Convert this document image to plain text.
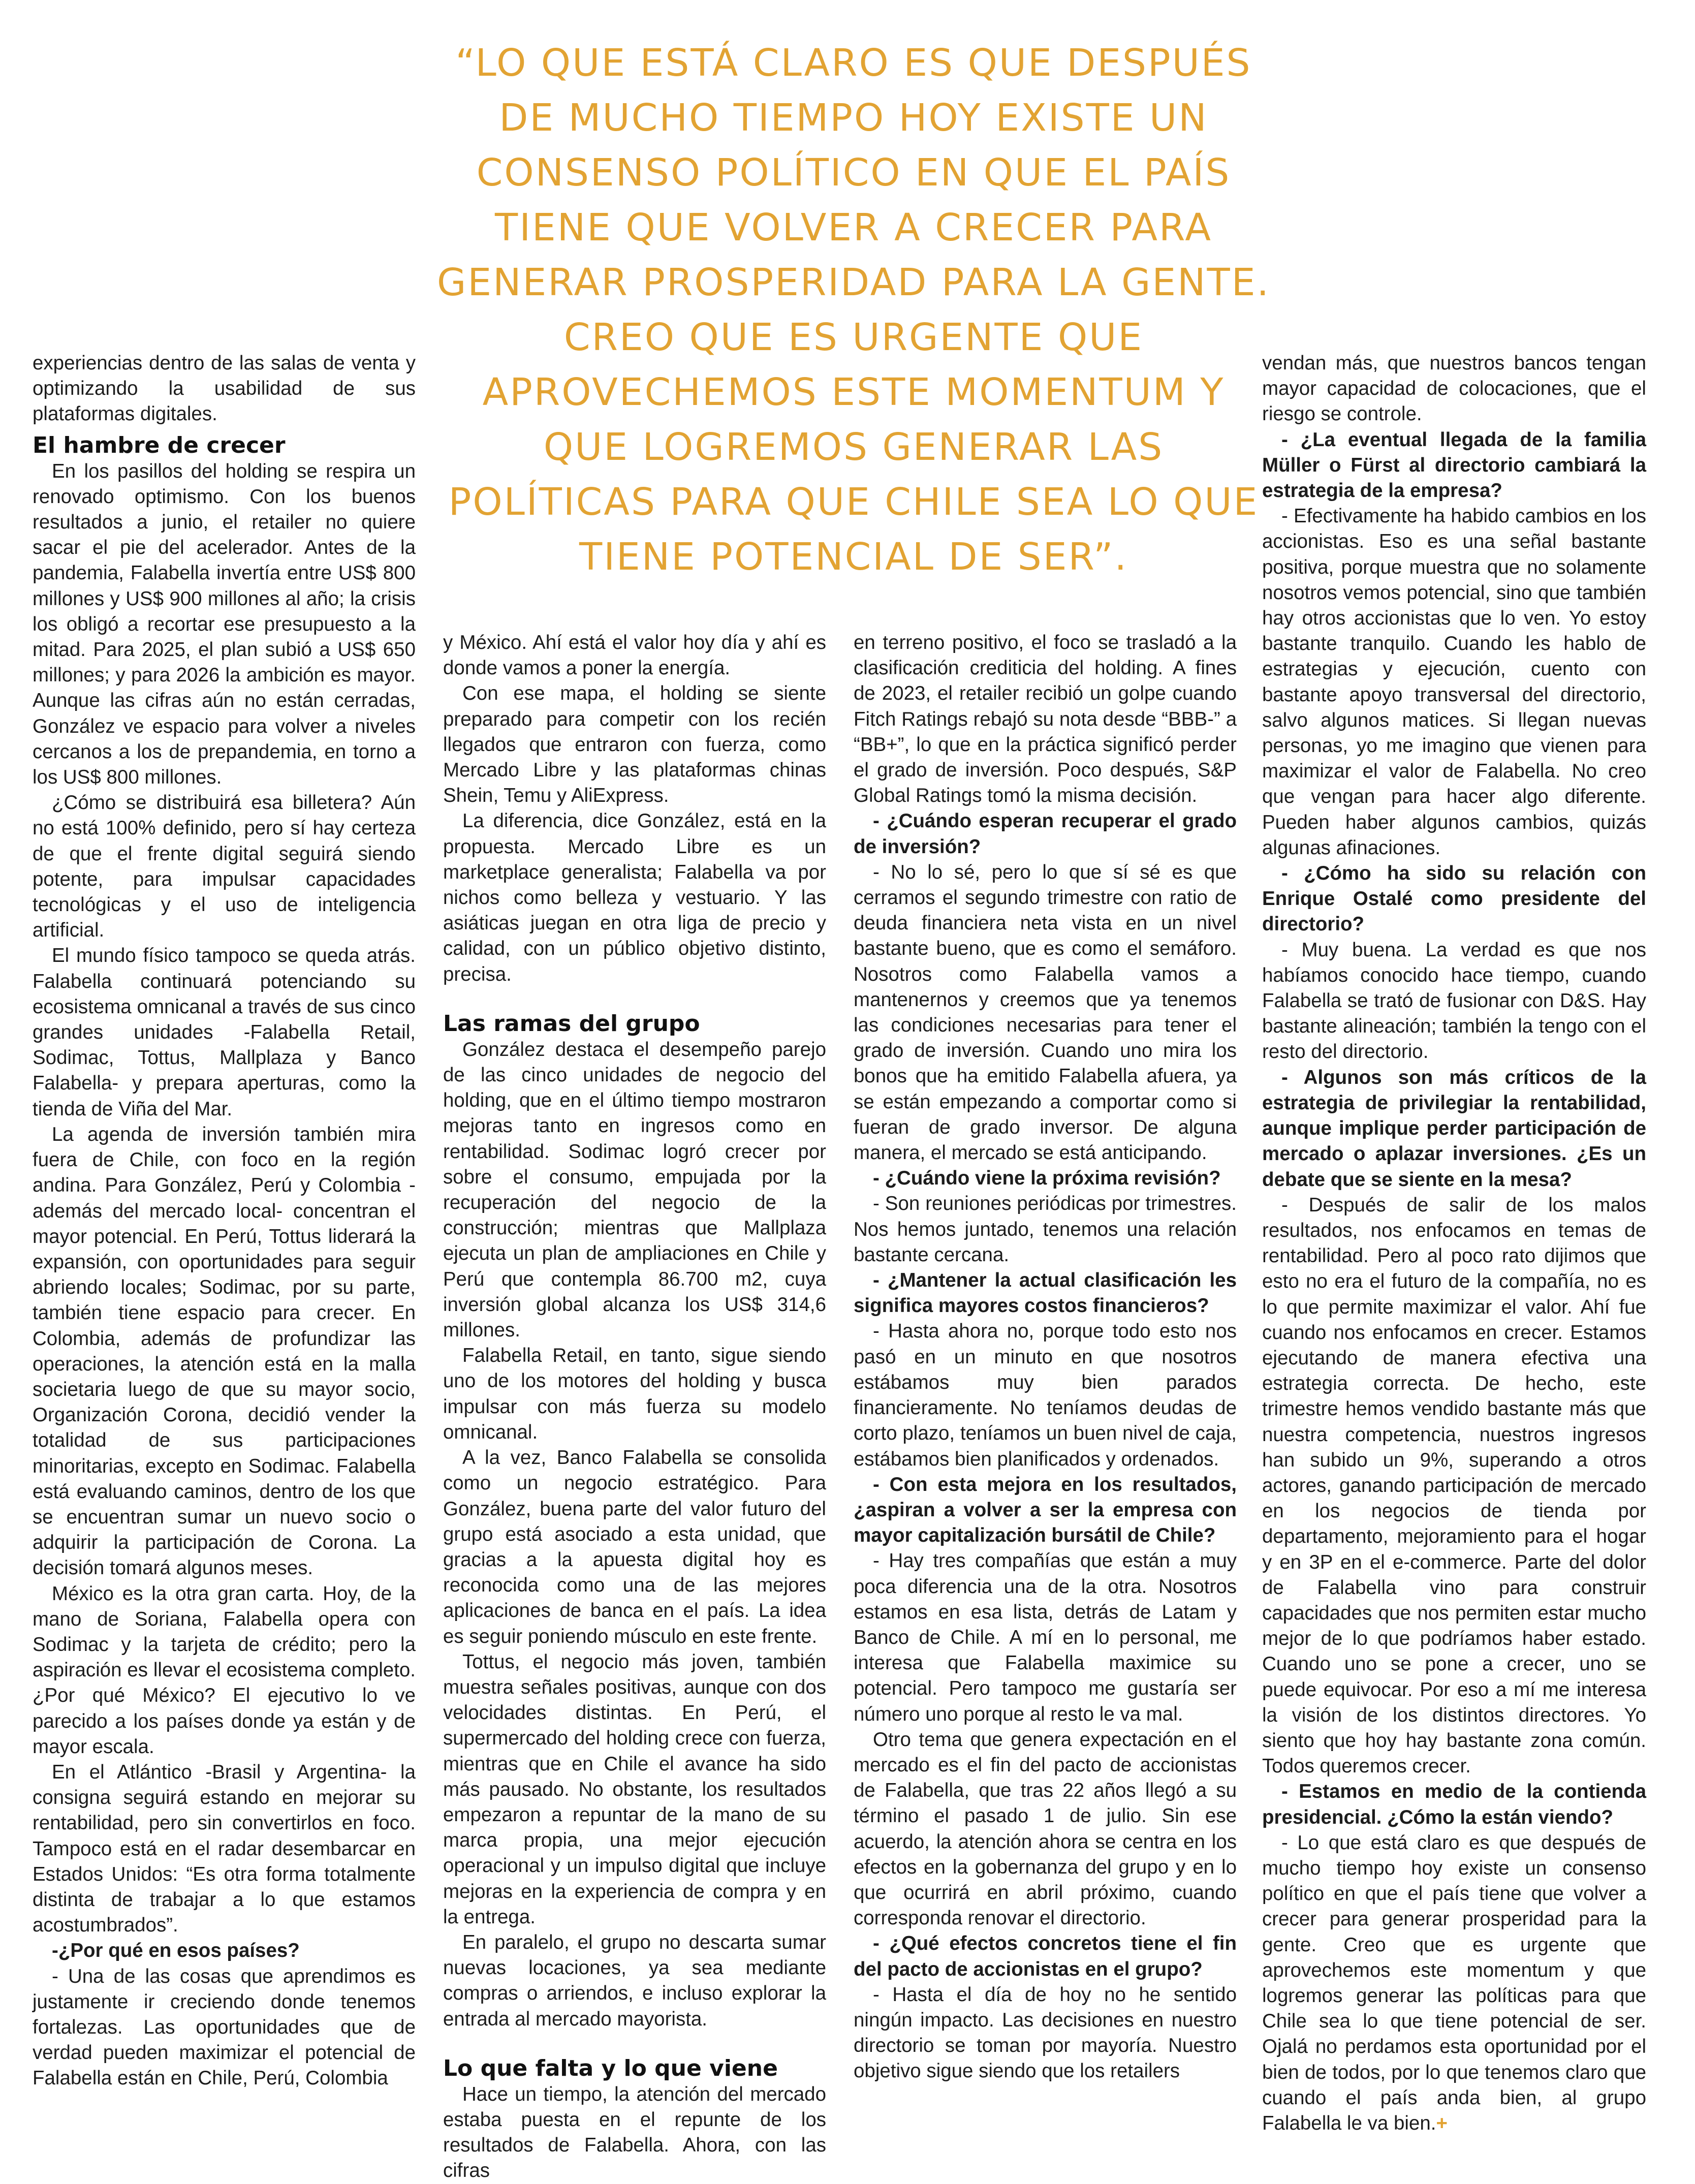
“LO QUE ESTÁ CLARO ES QUE DESPUÉS DE MUCHO TIEMPO HOY EXISTE UN CONSENSO POLÍTICO EN QUE EL PAÍS TIENE QUE VOLVER A CRECER PARA GENERAR PROSPERIDAD PARA LA GENTE. CREO QUE ES URGENTE QUE APROVECHEMOS ESTE MOMENTUM Y QUE LOGREMOS GENERAR LAS POLÍTICAS PARA QUE CHILE SEA LO QUE TIENE POTENCIAL DE SER”.

experiencias dentro de las salas de venta y optimizando la usabilidad de sus plataformas digitales.

El hambre de crecer

En los pasillos del holding se respira un renovado optimismo. Con los buenos resultados a junio, el retailer no quiere sacar el pie del acelerador. Antes de la pandemia, Falabella invertía entre US$ 800 millones y US$ 900 millones al año; la crisis los obligó a recortar ese presupuesto a la mitad. Para 2025, el plan subió a US$ 650 millones; y para 2026 la ambición es mayor. Aunque las cifras aún no están cerradas, González ve espacio para volver a niveles cercanos a los de prepandemia, en torno a los US$ 800 millones.

¿Cómo se distribuirá esa billetera? Aún no está 100% definido, pero sí hay certeza de que el frente digital seguirá siendo potente, para impulsar capacidades tecnológicas y el uso de inteligencia artificial.

El mundo físico tampoco se queda atrás. Falabella continuará potenciando su ecosistema omnicanal a través de sus cinco grandes unidades -Falabella Retail, Sodimac, Tottus, Mallplaza y Banco Falabella- y prepara aperturas, como la tienda de Viña del Mar.

La agenda de inversión también mira fuera de Chile, con foco en la región andina. Para González, Perú y Colombia -además del mercado local- concentran el mayor potencial. En Perú, Tottus liderará la expansión, con oportunidades para seguir abriendo locales; Sodimac, por su parte, también tiene espacio para crecer. En Colombia, además de profundizar las operaciones, la atención está en la malla societaria luego de que su mayor socio, Organización Corona, decidió vender la totalidad de sus participaciones minoritarias, excepto en Sodimac. Falabella está evaluando caminos, dentro de los que se encuentran sumar un nuevo socio o adquirir la participación de Corona. La decisión tomará algunos meses.

México es la otra gran carta. Hoy, de la mano de Soriana, Falabella opera con Sodimac y la tarjeta de crédito; pero la aspiración es llevar el ecosistema completo. ¿Por qué México? El ejecutivo lo ve parecido a los países donde ya están y de mayor escala.

En el Atlántico -Brasil y Argentina- la consigna seguirá estando en mejorar su rentabilidad, pero sin convertirlos en foco. Tampoco está en el radar desembarcar en Estados Unidos: “Es otra forma totalmente distinta de trabajar a lo que estamos acostumbrados”.

-¿Por qué en esos países?

- Una de las cosas que aprendimos es justamente ir creciendo donde tenemos fortalezas. Las oportunidades que de verdad pueden maximizar el potencial de Falabella están en Chile, Perú, Colombia

y México. Ahí está el valor hoy día y ahí es donde vamos a poner la energía.

Con ese mapa, el holding se siente preparado para competir con los recién llegados que entraron con fuerza, como Mercado Libre y las plataformas chinas Shein, Temu y AliExpress.

La diferencia, dice González, está en la propuesta. Mercado Libre es un marketplace generalista; Falabella va por nichos como belleza y vestuario. Y las asiáticas juegan en otra liga de precio y calidad, con un público objetivo distinto, precisa.

Las ramas del grupo

González destaca el desempeño parejo de las cinco unidades de negocio del holding, que en el último tiempo mostraron mejoras tanto en ingresos como en rentabilidad. Sodimac logró crecer por sobre el consumo, empujada por la recuperación del negocio de la construcción; mientras que Mallplaza ejecuta un plan de ampliaciones en Chile y Perú que contempla 86.700 m2, cuya inversión global alcanza los US$ 314,6 millones.

Falabella Retail, en tanto, sigue siendo uno de los motores del holding y busca impulsar con más fuerza su modelo omnicanal.

A la vez, Banco Falabella se consolida como un negocio estratégico. Para González, buena parte del valor futuro del grupo está asociado a esta unidad, que gracias a la apuesta digital hoy es reconocida como una de las mejores aplicaciones de banca en el país. La idea es seguir poniendo músculo en este frente.

Tottus, el negocio más joven, también muestra señales positivas, aunque con dos velocidades distintas. En Perú, el supermercado del holding crece con fuerza, mientras que en Chile el avance ha sido más pausado. No obstante, los resultados empezaron a repuntar de la mano de su marca propia, una mejor ejecución operacional y un impulso digital que incluye mejoras en la experiencia de compra y en la entrega.

En paralelo, el grupo no descarta sumar nuevas locaciones, ya sea mediante compras o arriendos, e incluso explorar la entrada al mercado mayorista.

Lo que falta y lo que viene

Hace un tiempo, la atención del mercado estaba puesta en el repunte de los resultados de Falabella. Ahora, con las cifras

en terreno positivo, el foco se trasladó a la clasificación crediticia del holding. A fines de 2023, el retailer recibió un golpe cuando Fitch Ratings rebajó su nota desde “BBB-” a “BB+”, lo que en la práctica significó perder el grado de inversión. Poco después, S&P Global Ratings tomó la misma decisión.

- ¿Cuándo esperan recuperar el grado de inversión?

- No lo sé, pero lo que sí sé es que cerramos el segundo trimestre con ratio de deuda financiera neta vista en un nivel bastante bueno, que es como el semáforo. Nosotros como Falabella vamos a mantenernos y creemos que ya tenemos las condiciones necesarias para tener el grado de inversión. Cuando uno mira los bonos que ha emitido Falabella afuera, ya se están empezando a comportar como si fueran de grado inversor. De alguna manera, el mercado se está anticipando.

- ¿Cuándo viene la próxima revisión?

- Son reuniones periódicas por trimestres. Nos hemos juntado, tenemos una relación bastante cercana.

- ¿Mantener la actual clasificación les significa mayores costos financieros?

- Hasta ahora no, porque todo esto nos pasó en un minuto en que nosotros estábamos muy bien parados financieramente. No teníamos deudas de corto plazo, teníamos un buen nivel de caja, estábamos bien planificados y ordenados.

- Con esta mejora en los resultados, ¿aspiran a volver a ser la empresa con mayor capitalización bursátil de Chile?

- Hay tres compañías que están a muy poca diferencia una de la otra. Nosotros estamos en esa lista, detrás de Latam y Banco de Chile. A mí en lo personal, me interesa que Falabella maximice su potencial. Pero tampoco me gustaría ser número uno porque al resto le va mal.

Otro tema que genera expectación en el mercado es el fin del pacto de accionistas de Falabella, que tras 22 años llegó a su término el pasado 1 de julio. Sin ese acuerdo, la atención ahora se centra en los efectos en la gobernanza del grupo y en lo que ocurrirá en abril próximo, cuando corresponda renovar el directorio.

- ¿Qué efectos concretos tiene el fin del pacto de accionistas en el grupo?

- Hasta el día de hoy no he sentido ningún impacto. Las decisiones en nuestro directorio se toman por mayoría. Nuestro objetivo sigue siendo que los retailers

vendan más, que nuestros bancos tengan mayor capacidad de colocaciones, que el riesgo se controle.

- ¿La eventual llegada de la familia Müller o Fürst al directorio cambiará la estrategia de la empresa?

- Efectivamente ha habido cambios en los accionistas. Eso es una señal bastante positiva, porque muestra que no solamente nosotros vemos potencial, sino que también hay otros accionistas que lo ven. Yo estoy bastante tranquilo. Cuando les hablo de estrategias y ejecución, cuento con bastante apoyo transversal del directorio, salvo algunos matices. Si llegan nuevas personas, yo me imagino que vienen para maximizar el valor de Falabella. No creo que vengan para hacer algo diferente. Pueden haber algunos cambios, quizás algunas afinaciones.

- ¿Cómo ha sido su relación con Enrique Ostalé como presidente del directorio?

- Muy buena. La verdad es que nos habíamos conocido hace tiempo, cuando Falabella se trató de fusionar con D&S. Hay bastante alineación; también la tengo con el resto del directorio.

- Algunos son más críticos de la estrategia de privilegiar la rentabilidad, aunque implique perder participación de mercado o aplazar inversiones. ¿Es un debate que se siente en la mesa?

- Después de salir de los malos resultados, nos enfocamos en temas de rentabilidad. Pero al poco rato dijimos que esto no era el futuro de la compañía, no es lo que permite maximizar el valor. Ahí fue cuando nos enfocamos en crecer. Estamos ejecutando de manera efectiva una estrategia correcta. De hecho, este trimestre hemos vendido bastante más que nuestra competencia, nuestros ingresos han subido un 9%, superando a otros actores, ganando participación de mercado en los negocios de tienda por departamento, mejoramiento para el hogar y en 3P en el e-commerce. Parte del dolor de Falabella vino para construir capacidades que nos permiten estar mucho mejor de lo que podríamos haber estado. Cuando uno se pone a crecer, uno se puede equivocar. Por eso a mí me interesa la visión de los distintos directores. Yo siento que hoy hay bastante zona común. Todos queremos crecer.

- Estamos en medio de la contienda presidencial. ¿Cómo la están viendo?

- Lo que está claro es que después de mucho tiempo hoy existe un consenso político en que el país tiene que volver a crecer para generar prosperidad para la gente. Creo que es urgente que aprovechemos este momentum y que logremos generar las políticas para que Chile sea lo que tiene potencial de ser. Ojalá no perdamos esta oportunidad por el bien de todos, por lo que tenemos claro que cuando el país anda bien, al grupo Falabella le va bien.+
